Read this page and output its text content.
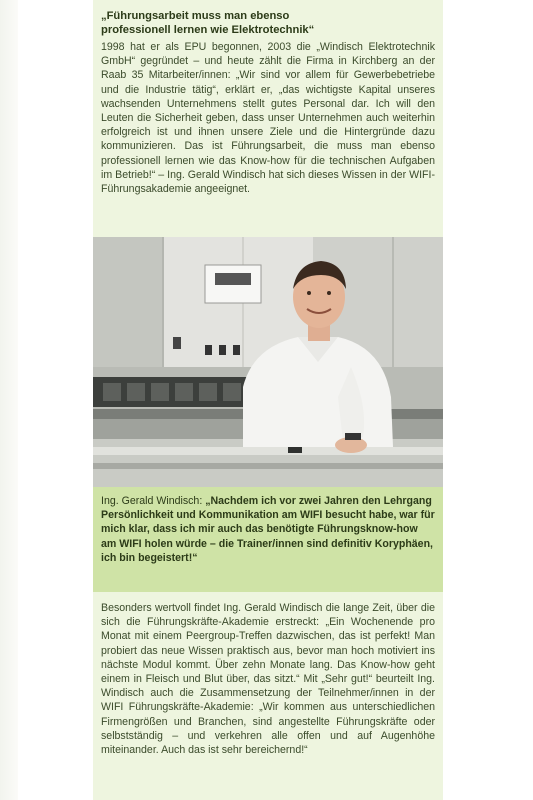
„Führungsarbeit muss man ebenso professionell lernen wie Elektrotechnik“

1998 hat er als EPU begonnen, 2003 die „Windisch Elektrotechnik GmbH“ gegründet – und heute zählt die Firma in Kirchberg an der Raab 35 Mitarbeiter/innen: „Wir sind vor allem für Gewerbebetriebe und die Industrie tätig“, erklärt er, „das wichtigste Kapital unseres wachsenden Unternehmens stellt gutes Personal dar. Ich will den Leuten die Sicherheit geben, dass unser Unternehmen auch weiterhin erfolgreich ist und ihnen unsere Ziele und die Hintergründe dazu kommunizieren. Das ist Führungsarbeit, die muss man ebenso professionell lernen wie das Know-how für die technischen Aufgaben im Betrieb!“ – Ing. Gerald Windisch hat sich dieses Wissen in der WIFI-Führungsakademie angeeignet.

Ing. Gerald Windisch: „Nachdem ich vor zwei Jahren den Lehrgang Persönlichkeit und Kommunikation am WIFI besucht habe, war für mich klar, dass ich mir auch das benötigte Führungsknow-how am WIFI holen würde – die Trainer/innen sind definitiv Koryphäen, ich bin begeistert!“

Besonders wertvoll findet Ing. Gerald Windisch die lange Zeit, über die sich die Führungskräfte-Akademie erstreckt: „Ein Wochenende pro Monat mit einem Peergroup-Treffen dazwischen, das ist perfekt! Man probiert das neue Wissen praktisch aus, bevor man hoch motiviert ins nächste Modul kommt. Über zehn Monate lang. Das Know-how geht einem in Fleisch und Blut über, das sitzt.“ Mit „Sehr gut!“ beurteilt Ing. Windisch auch die Zusammensetzung der Teilnehmer/innen in der WIFI Führungskräfte-Akademie: „Wir kommen aus unterschiedlichen Firmengrößen und Branchen, sind angestellte Führungskräfte oder selbstständig – und verkehren alle offen und auf Augenhöhe miteinander. Auch das ist sehr bereichernd!“
